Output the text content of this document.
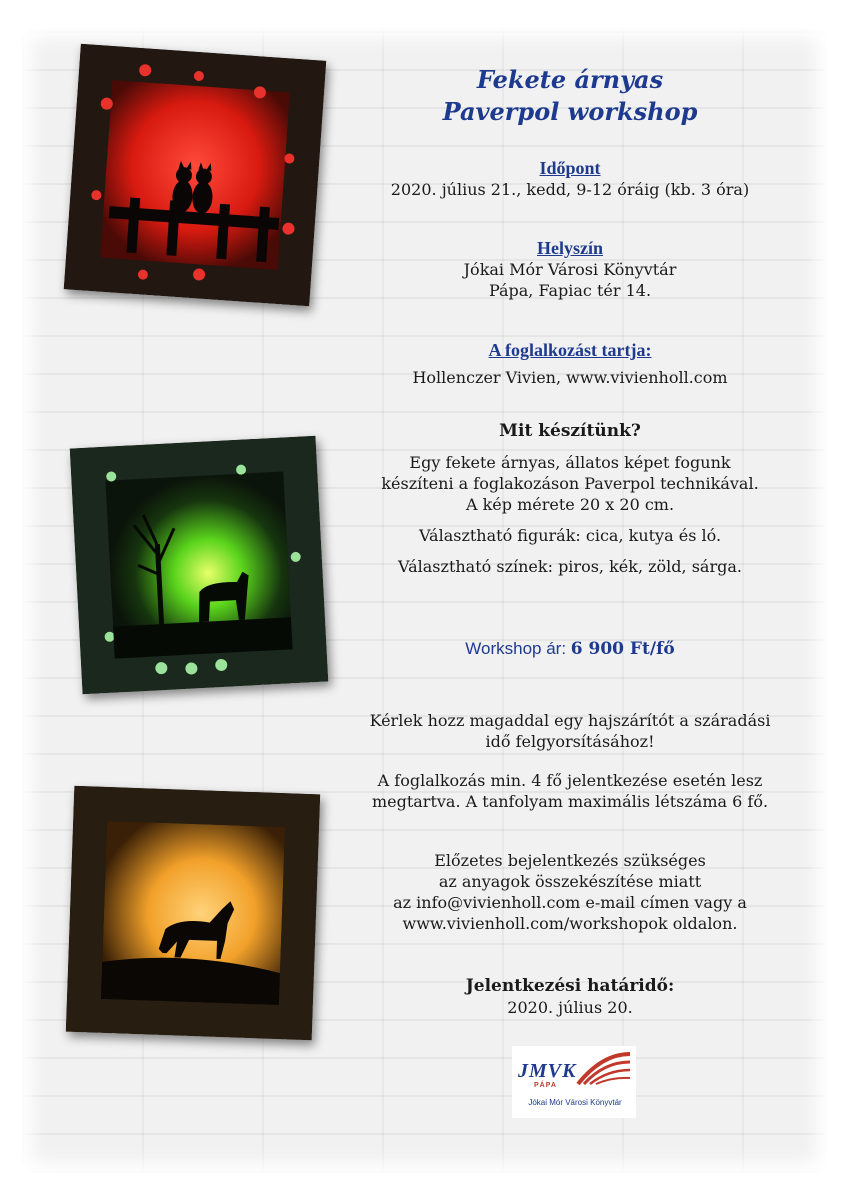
Fekete árnyas
Paverpol workshop
Időpont
2020. július 21., kedd, 9-12 óráig (kb. 3 óra)
Helyszín
Jókai Mór Városi Könyvtár
Pápa, Fapiac tér 14.
A foglalkozást tartja:
Hollenczer Vivien, www.vivienholl.com
Mit készítünk?
Egy fekete árnyas, állatos képet fogunk
készíteni a foglakozáson Paverpol technikával.
A kép mérete 20 x 20 cm.
Választható figurák: cica, kutya és ló.
Választható színek: piros, kék, zöld, sárga.
Workshop ár: 6 900 Ft/fő
Kérlek hozz magaddal egy hajszárítót a száradási
idő felgyorsításához!
A foglalkozás min. 4 fő jelentkezése esetén lesz
megtartva. A tanfolyam maximális létszáma 6 fő.
Előzetes bejelentkezés szükséges
az anyagok összekészítése miatt
az info@vivienholl.com e-mail címen vagy a
www.vivienholl.com/workshopok oldalon.
Jelentkezési határidő:
2020. július 20.
JMVK
PÁPA
Jókai Mór Városi Könyvtár
